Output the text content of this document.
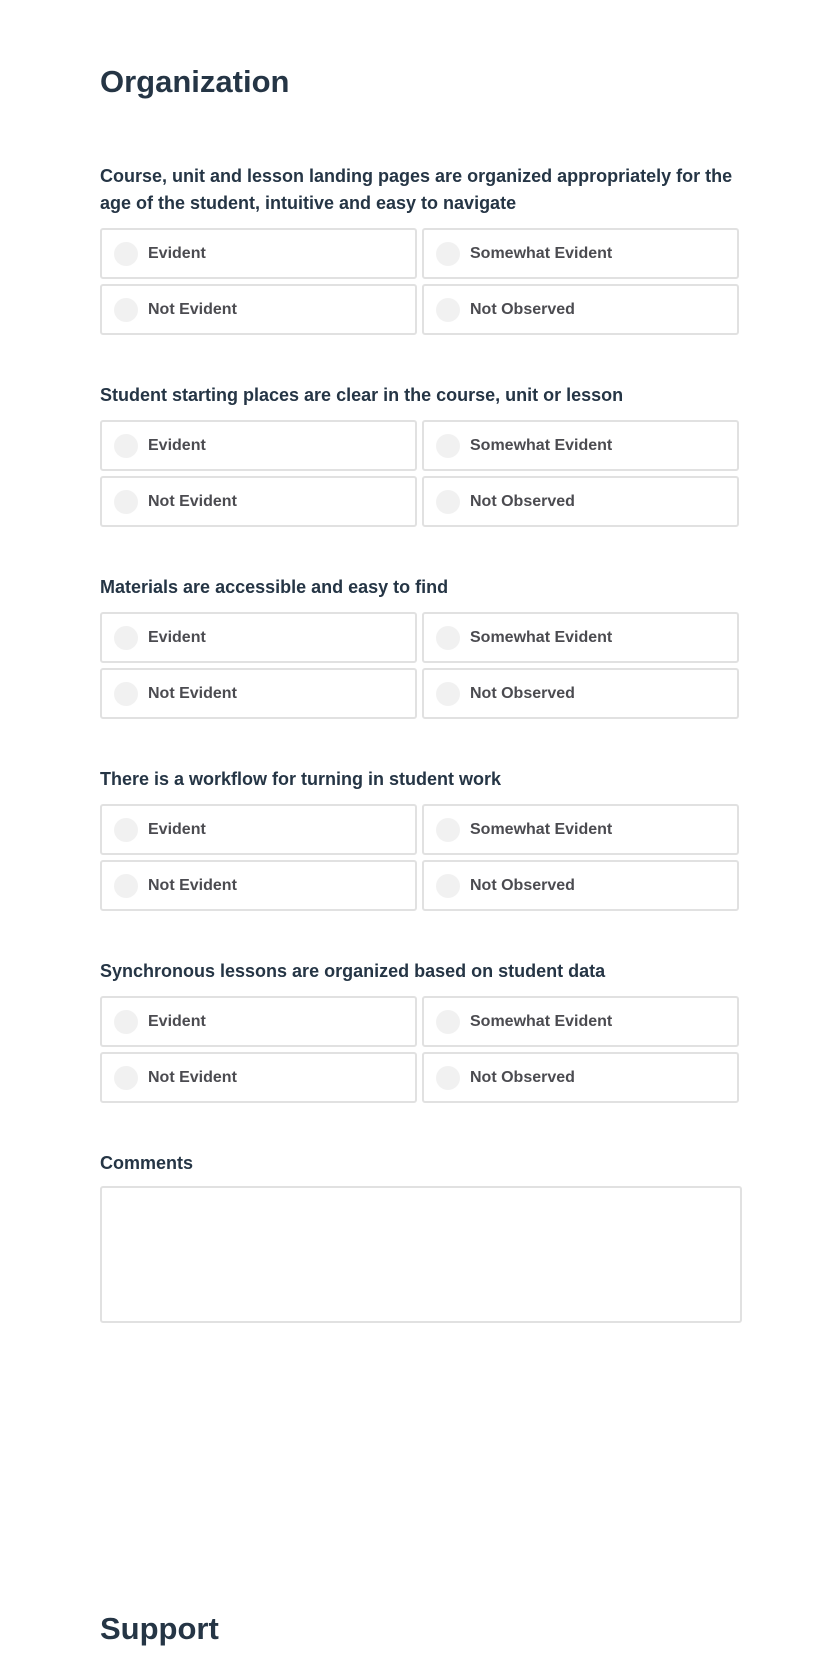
Organization

Course, unit and lesson landing pages are organized appropriately for the age of the student, intuitive and easy to navigate

Evident	Somewhat Evident
Not Evident	Not Observed

Student starting places are clear in the course, unit or lesson

Evident	Somewhat Evident
Not Evident	Not Observed

Materials are accessible and easy to find

Evident	Somewhat Evident
Not Evident	Not Observed

There is a workflow for turning in student work

Evident	Somewhat Evident
Not Evident	Not Observed

Synchronous lessons are organized based on student data

Evident	Somewhat Evident
Not Evident	Not Observed

Comments

Support
